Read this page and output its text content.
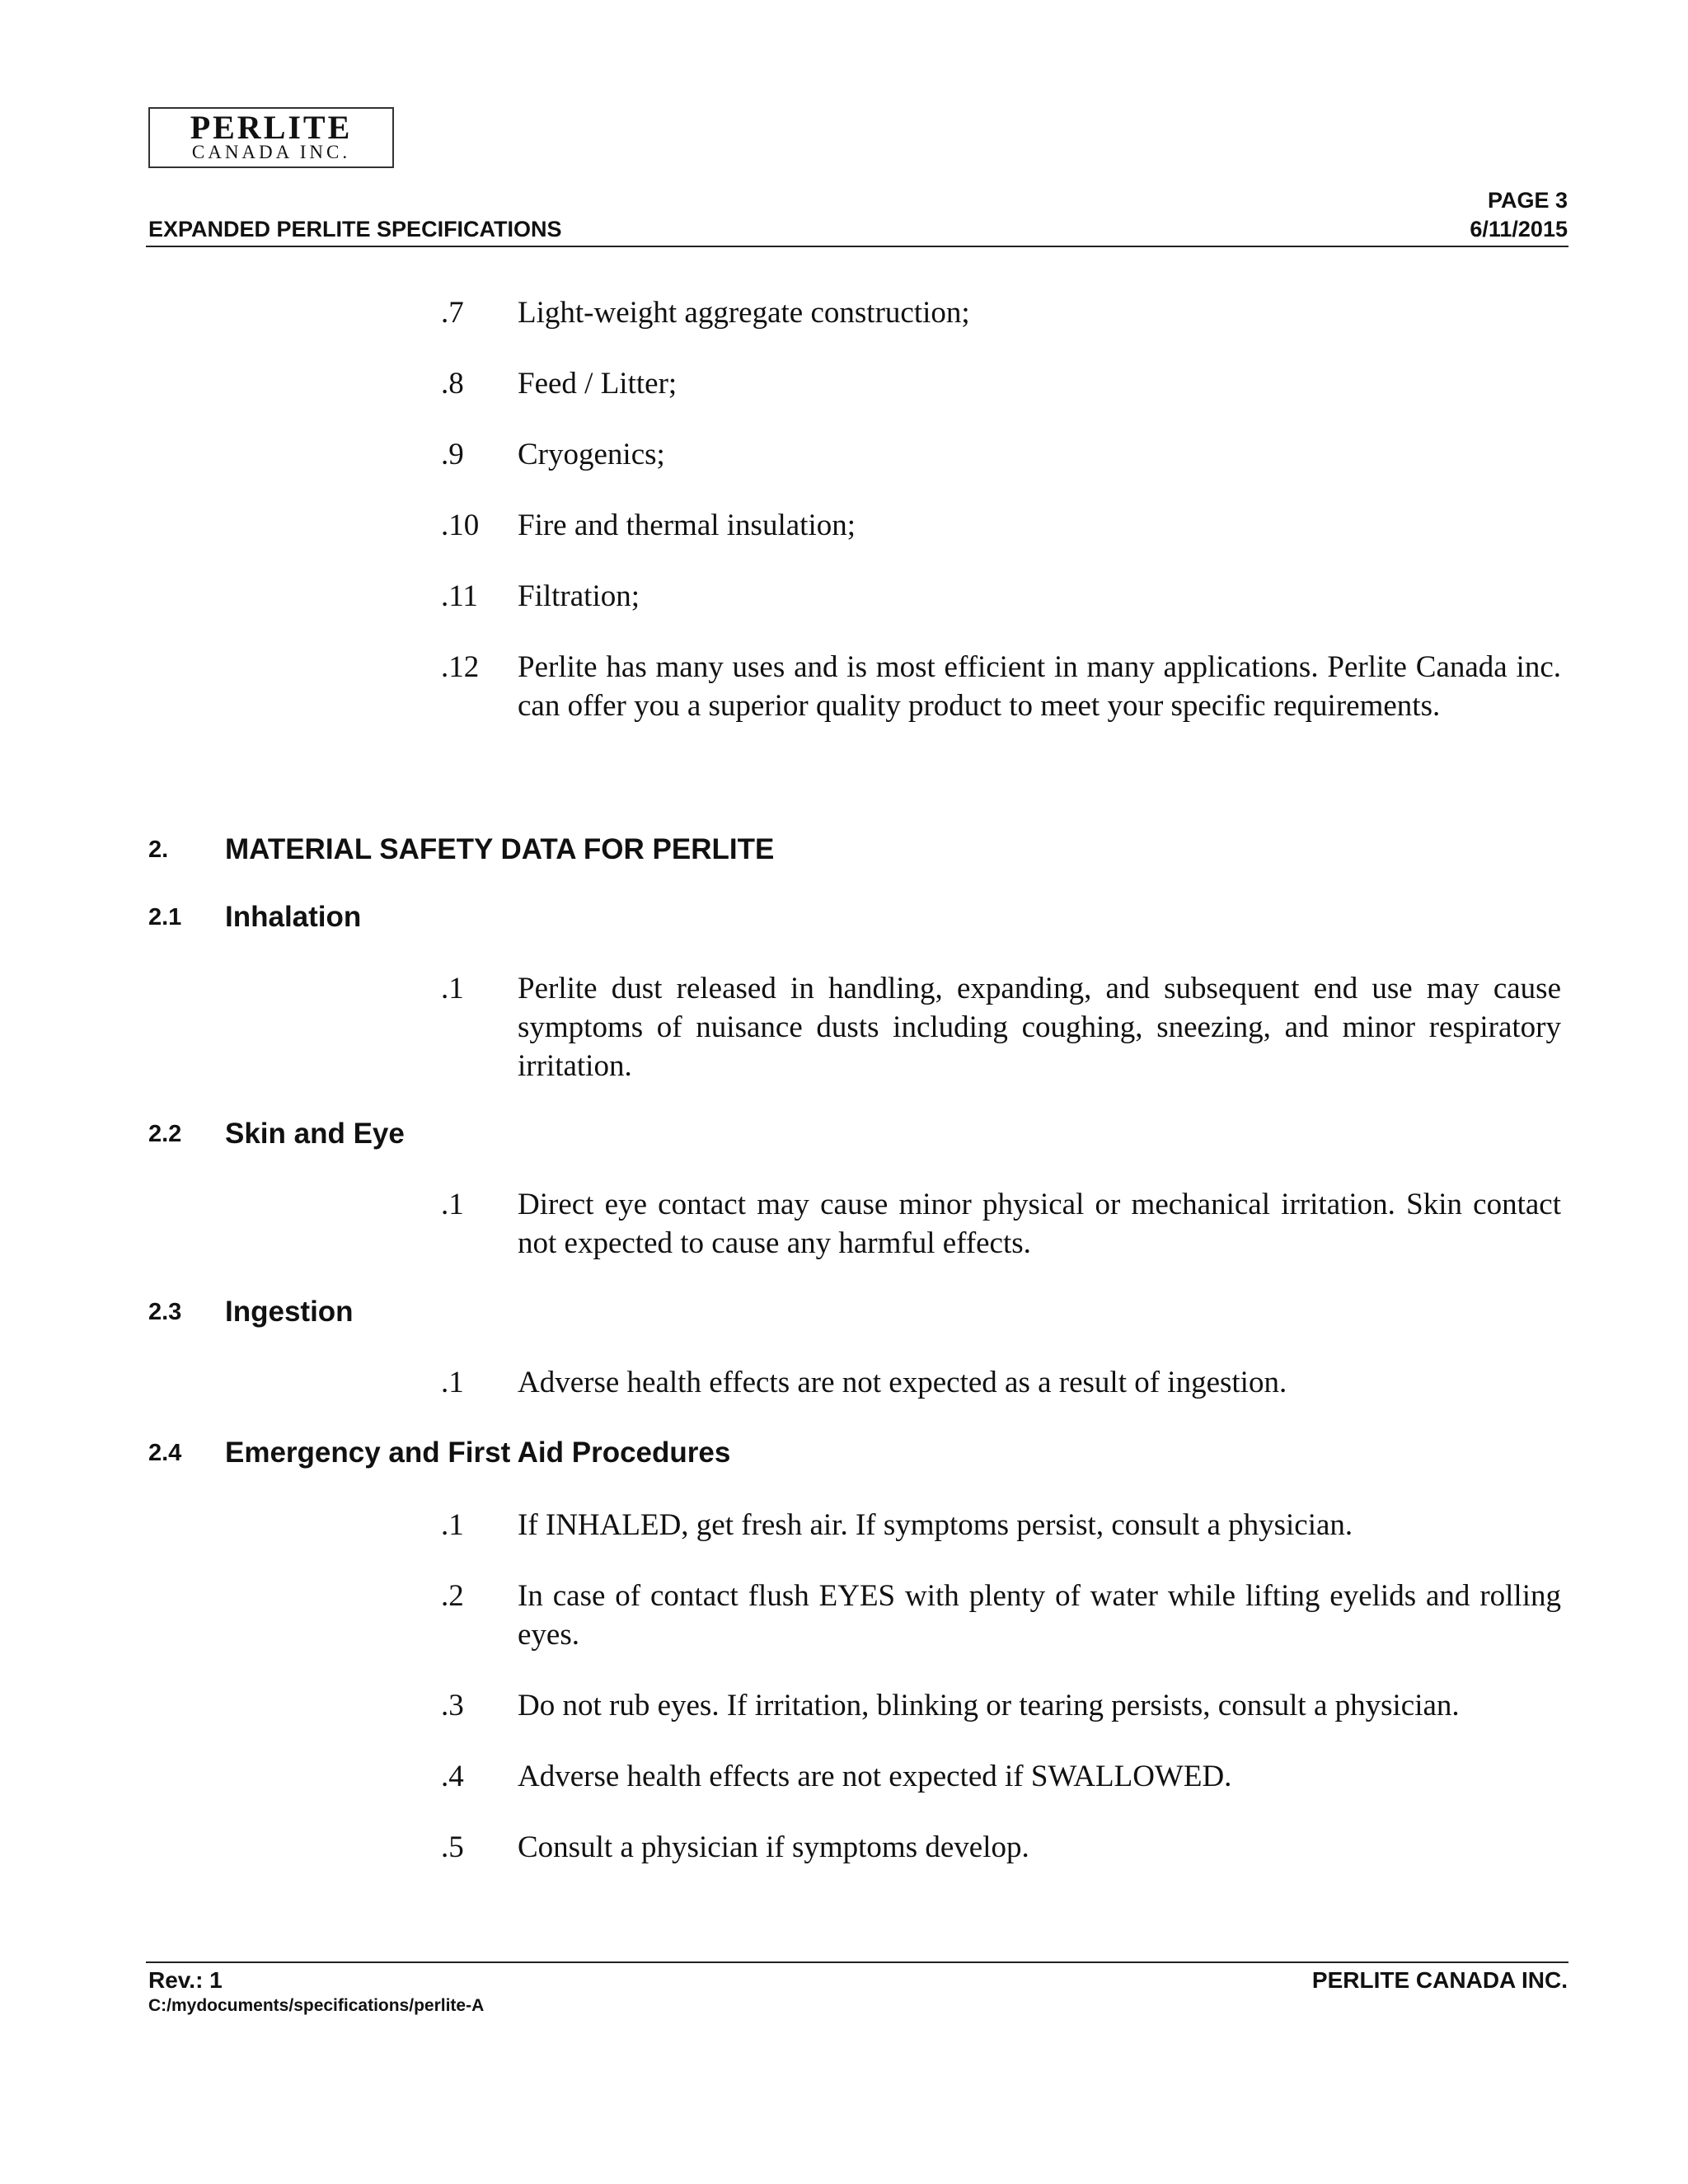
PERLITE
CANADA INC.
PAGE 3
EXPANDED PERLITE SPECIFICATIONS	6/11/2015
.7	Light-weight aggregate construction;
.8	Feed / Litter;
.9	Cryogenics;
.10	Fire and thermal insulation;
.11	Filtration;
.12	Perlite has many uses and is most efficient in many applications. Perlite Canada inc. can offer you a superior quality product to meet your specific requirements.
2. MATERIAL SAFETY DATA FOR PERLITE
2.1 Inhalation
.1	Perlite dust released in handling, expanding, and subsequent end use may cause symptoms of nuisance dusts including coughing, sneezing, and minor respiratory irritation.
2.2 Skin and Eye
.1	Direct eye contact may cause minor physical or mechanical irritation. Skin contact not expected to cause any harmful effects.
2.3 Ingestion
.1	Adverse health effects are not expected as a result of ingestion.
2.4 Emergency and First Aid Procedures
.1	If INHALED, get fresh air. If symptoms persist, consult a physician.
.2	In case of contact flush EYES with plenty of water while lifting eyelids and rolling eyes.
.3	Do not rub eyes. If irritation, blinking or tearing persists, consult a physician.
.4	Adverse health effects are not expected if SWALLOWED.
.5	Consult a physician if symptoms develop.
Rev.: 1	PERLITE CANADA INC.
C:/mydocuments/specifications/perlite-A
